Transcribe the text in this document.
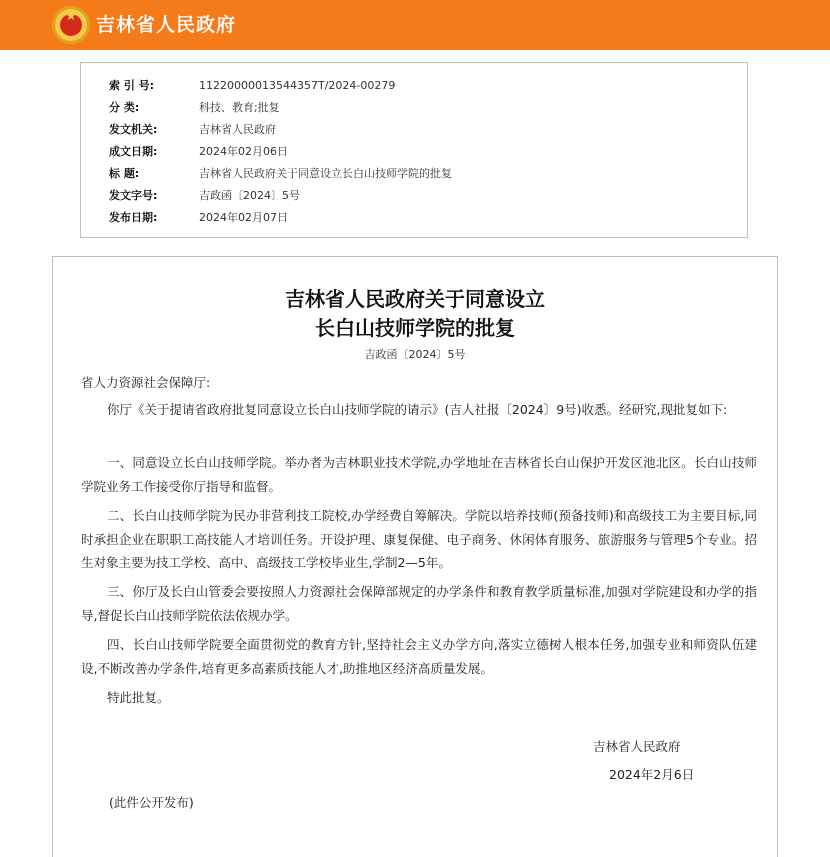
★	吉林省人民政府
索 引 号:	11220000013544357T/2024-00279
分 类:	科技、教育;批复
发文机关:	吉林省人民政府
成文日期:	2024年02月06日
标 题:	吉林省人民政府关于同意设立长白山技师学院的批复
发文字号:	吉政函〔2024〕5号
发布日期:	2024年02月07日
吉林省人民政府关于同意设立
长白山技师学院的批复
吉政函〔2024〕5号

省人力资源社会保障厅:

你厅《关于提请省政府批复同意设立长白山技师学院的请示》(吉人社报〔2024〕9号)收悉。经研究,现批复如下:

一、同意设立长白山技师学院。举办者为吉林职业技术学院,办学地址在吉林省长白山保护开发区池北区。长白山技师学院业务工作接受你厅指导和监督。

二、长白山技师学院为民办非营利技工院校,办学经费自筹解决。学院以培养技师(预备技师)和高级技工为主要目标,同时承担企业在职职工高技能人才培训任务。开设护理、康复保健、电子商务、休闲体育服务、旅游服务与管理5个专业。招生对象主要为技工学校、高中、高级技工学校毕业生,学制2—5年。

三、你厅及长白山管委会要按照人力资源社会保障部规定的办学条件和教育教学质量标准,加强对学院建设和办学的指导,督促长白山技师学院依法依规办学。

四、长白山技师学院要全面贯彻党的教育方针,坚持社会主义办学方向,落实立德树人根本任务,加强专业和师资队伍建设,不断改善办学条件,培育更多高素质技能人才,助推地区经济高质量发展。

特此批复。

吉林省人民政府
2024年2月6日
(此件公开发布)
